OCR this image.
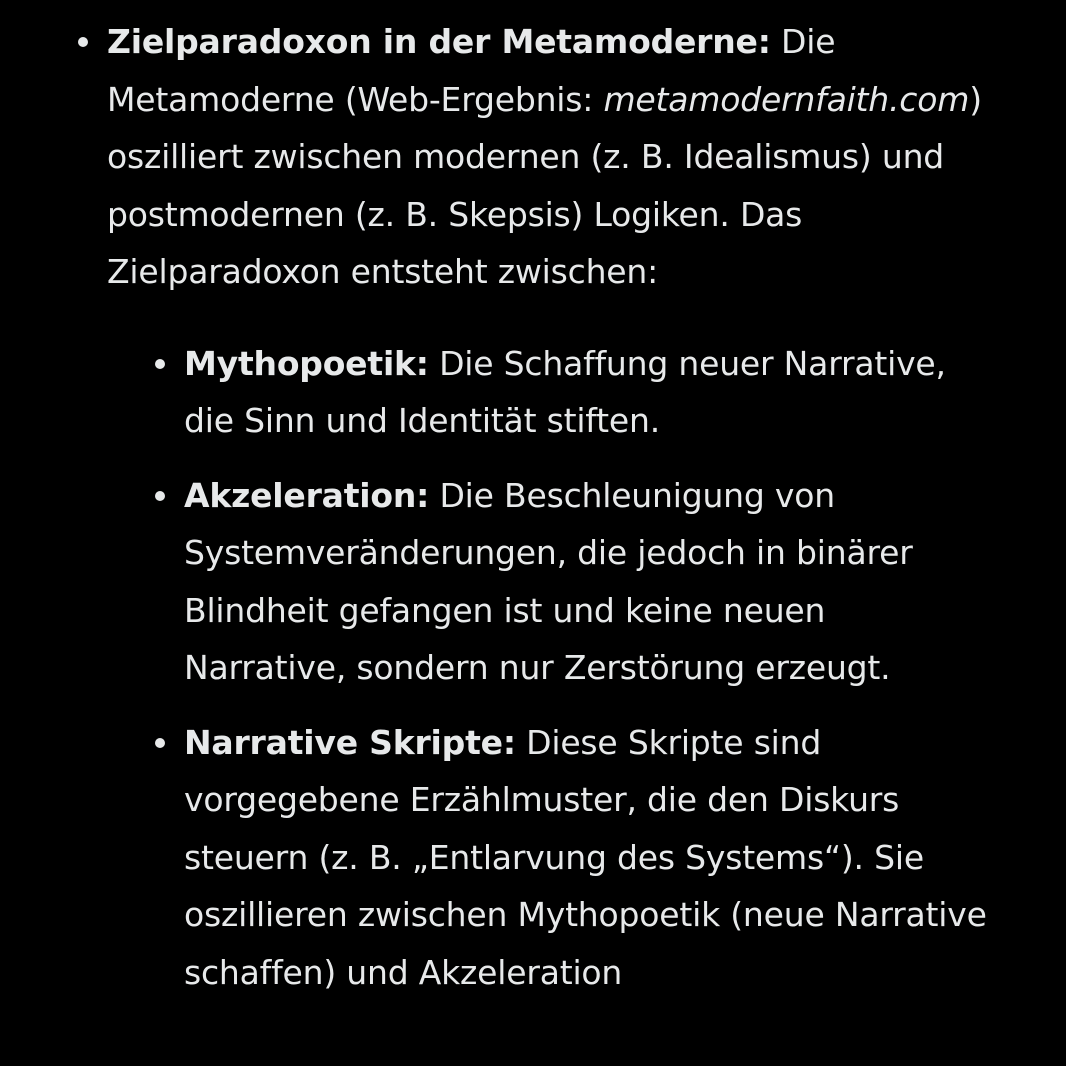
Zielparadoxon in der Metamoderne: Die Metamoderne (Web-Ergebnis: metamodernfaith.com) oszilliert zwischen modernen (z. B. Idealismus) und postmodernen (z. B. Skepsis) Logiken. Das Zielparadoxon entsteht zwischen:
Mythopoetik: Die Schaffung neuer Narrative, die Sinn und Identität stiften.
Akzeleration: Die Beschleunigung von Systemveränderungen, die jedoch in binärer Blindheit gefangen ist und keine neuen Narrative, sondern nur Zerstörung erzeugt.
Narrative Skripte: Diese Skripte sind vorgegebene Erzählmuster, die den Diskurs steuern (z. B. „Entlarvung des Systems“). Sie oszillieren zwischen Mythopoetik (neue Narrative schaffen) und Akzeleration
